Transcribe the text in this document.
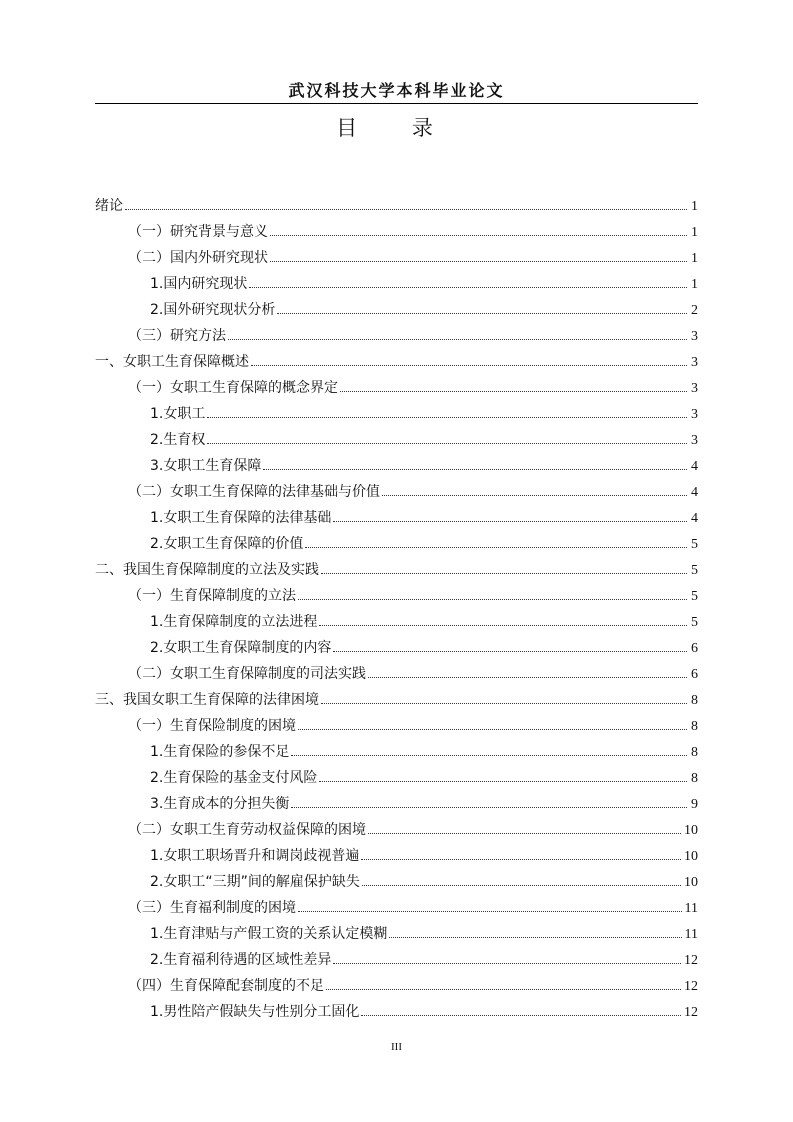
武汉科技大学本科毕业论文
目 录
绪论	1
（一）研究背景与意义	1
（二）国内外研究现状	1
1.国内研究现状	1
2.国外研究现状分析	2
（三）研究方法	3
一、女职工生育保障概述	3
（一）女职工生育保障的概念界定	3
1.女职工	3
2.生育权	3
3.女职工生育保障	4
（二）女职工生育保障的法律基础与价值	4
1.女职工生育保障的法律基础	4
2.女职工生育保障的价值	5
二、我国生育保障制度的立法及实践	5
（一）生育保障制度的立法	5
1.生育保障制度的立法进程	5
2.女职工生育保障制度的内容	6
（二）女职工生育保障制度的司法实践	6
三、我国女职工生育保障的法律困境	8
（一）生育保险制度的困境	8
1.生育保险的参保不足	8
2.生育保险的基金支付风险	8
3.生育成本的分担失衡	9
（二）女职工生育劳动权益保障的困境	10
1.女职工职场晋升和调岗歧视普遍	10
2.女职工“三期”间的解雇保护缺失	10
（三）生育福利制度的困境	11
1.生育津贴与产假工资的关系认定模糊	11
2.生育福利待遇的区域性差异	12
（四）生育保障配套制度的不足	12
1.男性陪产假缺失与性别分工固化	12
III
